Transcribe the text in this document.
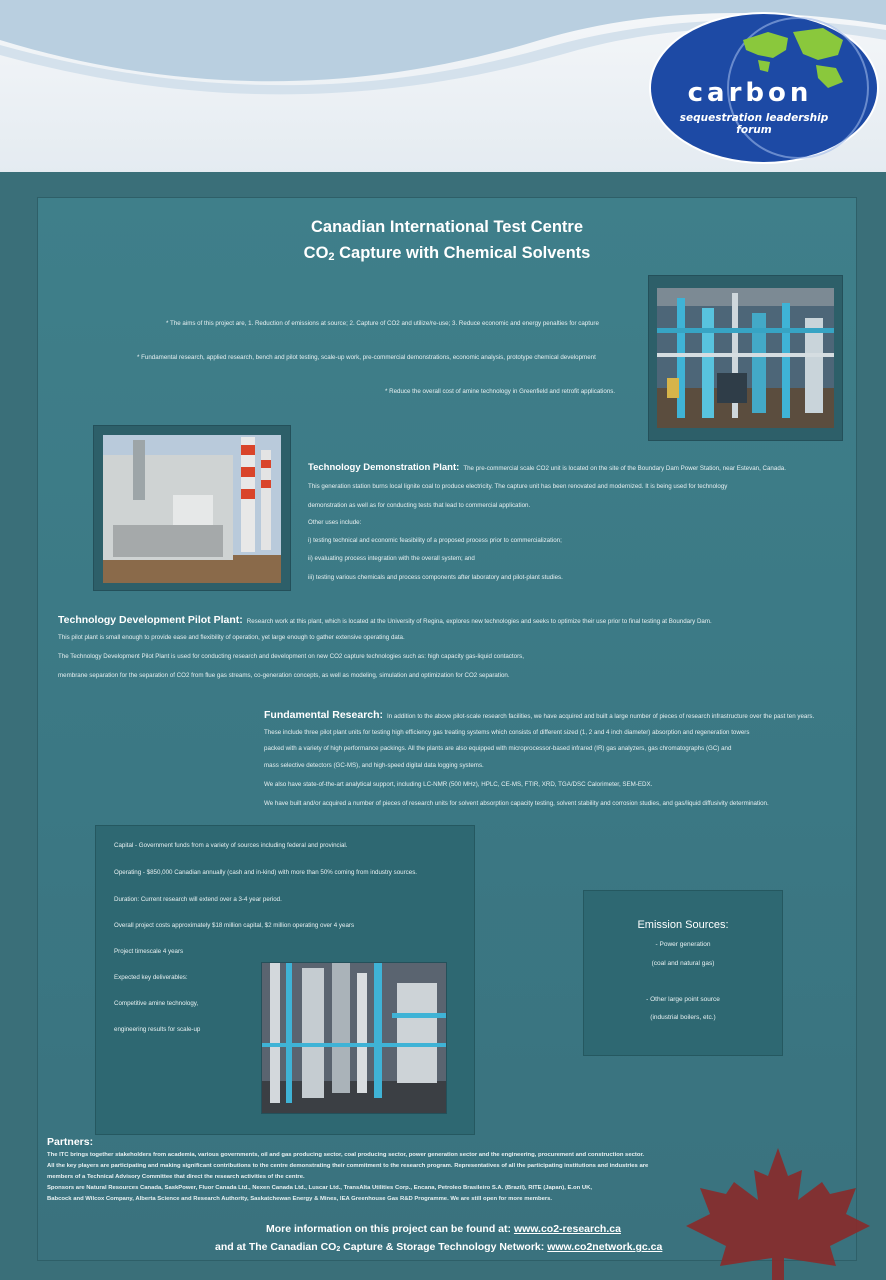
carbon
sequestration leadership forum
Canadian International Test Centre
$CO_2$ Capture with Chemical Solvents
* The aims of this project are, 1. Reduction of emissions at source; 2. Capture of CO2 and utilize/re-use; 3. Reduce economic and energy penalties for capture
* Fundamental research, applied research, bench and pilot testing, scale-up work, pre-commercial demonstrations, economic analysis, prototype chemical development
* Reduce the overall cost of amine technology in Greenfield and retrofit applications.
Technology Demonstration Plant: The pre-commercial scale CO2 unit is located on the site of the Boundary Dam Power Station, near Estevan, Canada.
This generation station burns local lignite coal to produce electricity. The capture unit has been renovated and modernized. It is being used for technology
demonstration as well as for conducting tests that lead to commercial application.
Other uses include:
i) testing technical and economic feasibility of a proposed process prior to commercialization;
ii) evaluating process integration with the overall system; and
iii) testing various chemicals and process components after laboratory and pilot-plant studies.
Technology Development Pilot Plant: Research work at this plant, which is located at the University of Regina, explores new technologies and seeks to optimize their use prior to final testing at Boundary Dam.
This pilot plant is small enough to provide ease and flexibility of operation, yet large enough to gather extensive operating data.
The Technology Development Pilot Plant is used for conducting research and development on new CO2 capture technologies such as: high capacity gas-liquid contactors,
membrane separation for the separation of CO2 from flue gas streams, co-generation concepts, as well as modeling, simulation and optimization for CO2 separation.
Fundamental Research: In addition to the above pilot-scale research facilities, we have acquired and built a large number of pieces of research infrastructure over the past ten years.
These include three pilot plant units for testing high efficiency gas treating systems which consists of different sized (1, 2 and 4 inch diameter) absorption and regeneration towers
packed with a variety of high performance packings. All the plants are also equipped with microprocessor-based infrared (IR) gas analyzers, gas chromatographs (GC) and
mass selective detectors (GC-MS), and high-speed digital data logging systems.
We also have state-of-the-art analytical support, including LC-NMR (500 MHz), HPLC, CE-MS, FTIR, XRD, TGA/DSC Calorimeter, SEM-EDX.
We have built and/or acquired a number of pieces of research units for solvent absorption capacity testing, solvent stability and corrosion studies, and gas/liquid diffusivity determination.
Capital - Government funds from a variety of sources including federal and provincial.
Operating - $850,000 Canadian annually (cash and in-kind) with more than 50% coming from industry sources.
Duration: Current research will extend over a 3-4 year period.
Overall project costs approximately $18 million capital, $2 million operating over 4 years
Project timescale 4 years
Expected key deliverables:
Competitive amine technology,
engineering results for scale-up
Emission Sources:
- Power generation
(coal and natural gas)
- Other large point source
(industrial boilers, etc.)
Partners:
The ITC brings together stakeholders from academia, various governments, oil and gas producing sector, coal producing sector, power generation sector and the engineering, procurement and construction sector.
All the key players are participating and making significant contributions to the centre demonstrating their commitment to the research program. Representatives of all the participating institutions and industries are
members of a Technical Advisory Committee that direct the research activities of the centre.
Sponsors are Natural Resources Canada, SaskPower, Fluor Canada Ltd., Nexen Canada Ltd., Luscar Ltd., TransAlta Utilities Corp., Encana, Petroleo Brasileiro S.A. (Brazil), RITE (Japan), E.on UK,
Babcock and Wilcox Company, Alberta Science and Research Authority, Saskatchewan Energy & Mines, IEA Greenhouse Gas R&D Programme. We are still open for more members.
More information on this project can be found at: www.co2-research.ca
and at The Canadian $CO_2$ Capture & Storage Technology Network: www.co2network.gc.ca
